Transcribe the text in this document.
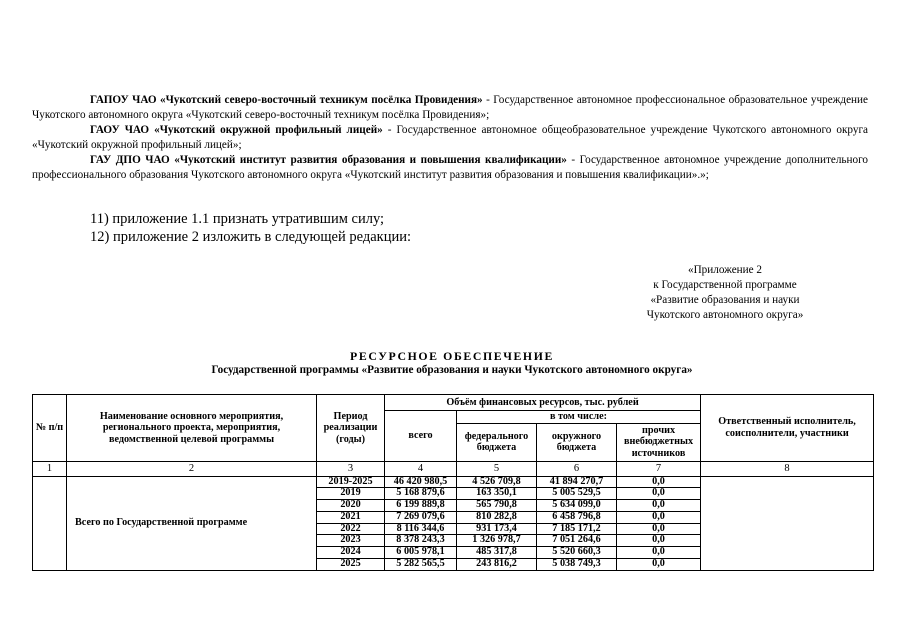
ГАПОУ ЧАО «Чукотский северо-восточный техникум посёлка Провидения» - Государственное автономное профессиональное образовательное учреждение Чукотского автономного округа «Чукотский северо-восточный техникум посёлка Провидения»;
ГАОУ ЧАО «Чукотский окружной профильный лицей» - Государственное автономное общеобразовательное учреждение Чукотского автономного округа «Чукотский окружной профильный лицей»;
ГАУ ДПО ЧАО «Чукотский институт развития образования и повышения квалификации» - Государственное автономное учреждение дополнительного профессионального образования Чукотского автономного округа «Чукотский институт развития образования и повышения квалификации».»;
11) приложение 1.1 признать утратившим силу;
12) приложение 2 изложить в следующей редакции:
«Приложение 2
к Государственной программе
«Развитие образования и науки
Чукотского автономного округа»
РЕСУРСНОЕ ОБЕСПЕЧЕНИЕ
Государственной программы «Развитие образования и науки Чукотского автономного округа»
№ п/п	Наименование основного мероприятия, регионального проекта, мероприятия, ведомственной целевой программы	Период реализации (годы)	Объём финансовых ресурсов, тыс. рублей				Ответственный исполнитель, соисполнители, участники
			всего	в том числе:			
				федерального бюджета	окружного бюджета	прочих внебюджетных источников	
1	2	3	4	5	6	7	8
	Всего по Государственной программе	2019-2025	46 420 980,5	4 526 709,8	41 894 270,7	0,0	
		2019	5 168 879,6	163 350,1	5 005 529,5	0,0	
		2020	6 199 889,8	565 790,8	5 634 099,0	0,0	
		2021	7 269 079,6	810 282,8	6 458 796,8	0,0	
		2022	8 116 344,6	931 173,4	7 185 171,2	0,0	
		2023	8 378 243,3	1 326 978,7	7 051 264,6	0,0	
		2024	6 005 978,1	485 317,8	5 520 660,3	0,0	
		2025	5 282 565,5	243 816,2	5 038 749,3	0,0	
